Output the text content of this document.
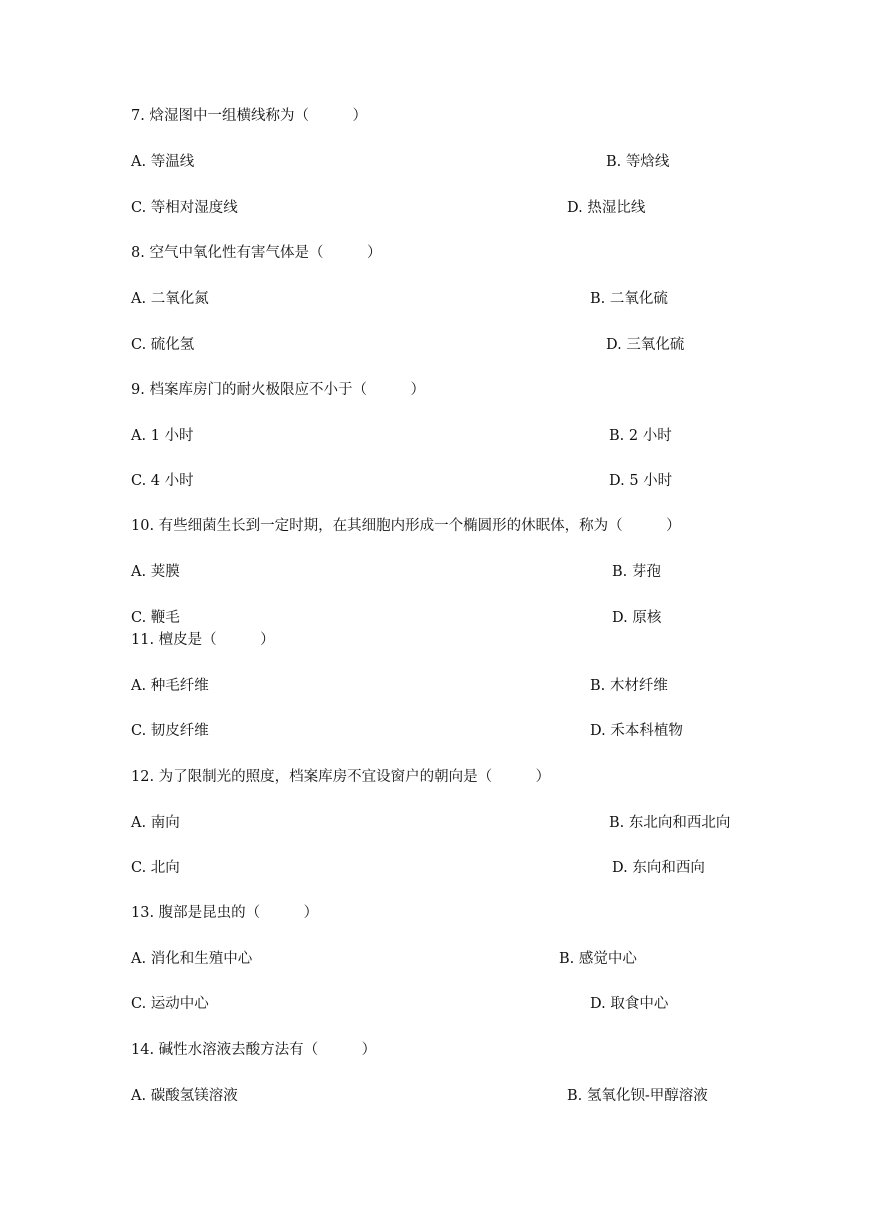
7. 焓湿图中一组横线称为（　　　）
A. 等温线	B. 等焓线
C. 等相对湿度线	D. 热湿比线
8. 空气中氧化性有害气体是（　　　）
A. 二氧化氮	B. 二氧化硫
C. 硫化氢	D. 三氧化硫
9. 档案库房门的耐火极限应不小于（　　　）
A. 1 小时	B. 2 小时
C. 4 小时	D. 5 小时
10. 有些细菌生长到一定时期，在其细胞内形成一个椭圆形的休眠体，称为（　　　）
A. 荚膜	B. 芽孢
C. 鞭毛	D. 原核
11. 檀皮是（　　　）
A. 种毛纤维	B. 木材纤维
C. 韧皮纤维	D. 禾本科植物
12. 为了限制光的照度，档案库房不宜设窗户的朝向是（　　　）
A. 南向	B. 东北向和西北向
C. 北向	D. 东向和西向
13. 腹部是昆虫的（　　　）
A. 消化和生殖中心	B. 感觉中心
C. 运动中心	D. 取食中心
14. 碱性水溶液去酸方法有（　　　）
A. 碳酸氢镁溶液	B. 氢氧化钡-甲醇溶液
